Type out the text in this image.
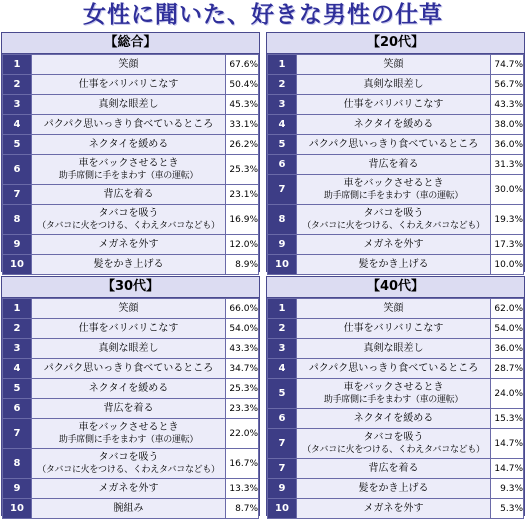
女性に聞いた、好きな男性の仕草
【総合】
1	笑顔	67.6%
2	仕事をバリバリこなす	50.4%
3	真剣な眼差し	45.3%
4	パクパク思いっきり食べているところ	33.1%
5	ネクタイを緩める	26.2%
6	車をバックさせるとき
助手席側に手をまわす（車の運転）	25.3%
7	背広を着る	23.1%
8	タバコを吸う
（タバコに火をつける、くわえタバコなども）	16.9%
9	メガネを外す	12.0%
10	髪をかき上げる	8.9%
【20代】
1	笑顔	74.7%
2	真剣な眼差し	56.7%
3	仕事をバリバリこなす	43.3%
4	ネクタイを緩める	38.0%
5	パクパク思いっきり食べているところ	36.0%
6	背広を着る	31.3%
7	車をバックさせるとき
助手席側に手をまわす（車の運転）	30.0%
8	タバコを吸う
（タバコに火をつける、くわえタバコなども）	19.3%
9	メガネを外す	17.3%
10	髪をかき上げる	10.0%
【30代】
1	笑顔	66.0%
2	仕事をバリバリこなす	54.0%
3	真剣な眼差し	43.3%
4	パクパク思いっきり食べているところ	34.7%
5	ネクタイを緩める	25.3%
6	背広を着る	23.3%
7	車をバックさせるとき
助手席側に手をまわす（車の運転）	22.0%
8	タバコを吸う
（タバコに火をつける、くわえタバコなども）	16.7%
9	メガネを外す	13.3%
10	腕組み	8.7%
【40代】
1	笑顔	62.0%
2	仕事をバリバリこなす	54.0%
3	真剣な眼差し	36.0%
4	パクパク思いっきり食べているところ	28.7%
5	車をバックさせるとき
助手席側に手をまわす（車の運転）	24.0%
6	ネクタイを緩める	15.3%
7	タバコを吸う
（タバコに火をつける、くわえタバコなども）	14.7%
7	背広を着る	14.7%
9	髪をかき上げる	9.3%
10	メガネを外す	5.3%
